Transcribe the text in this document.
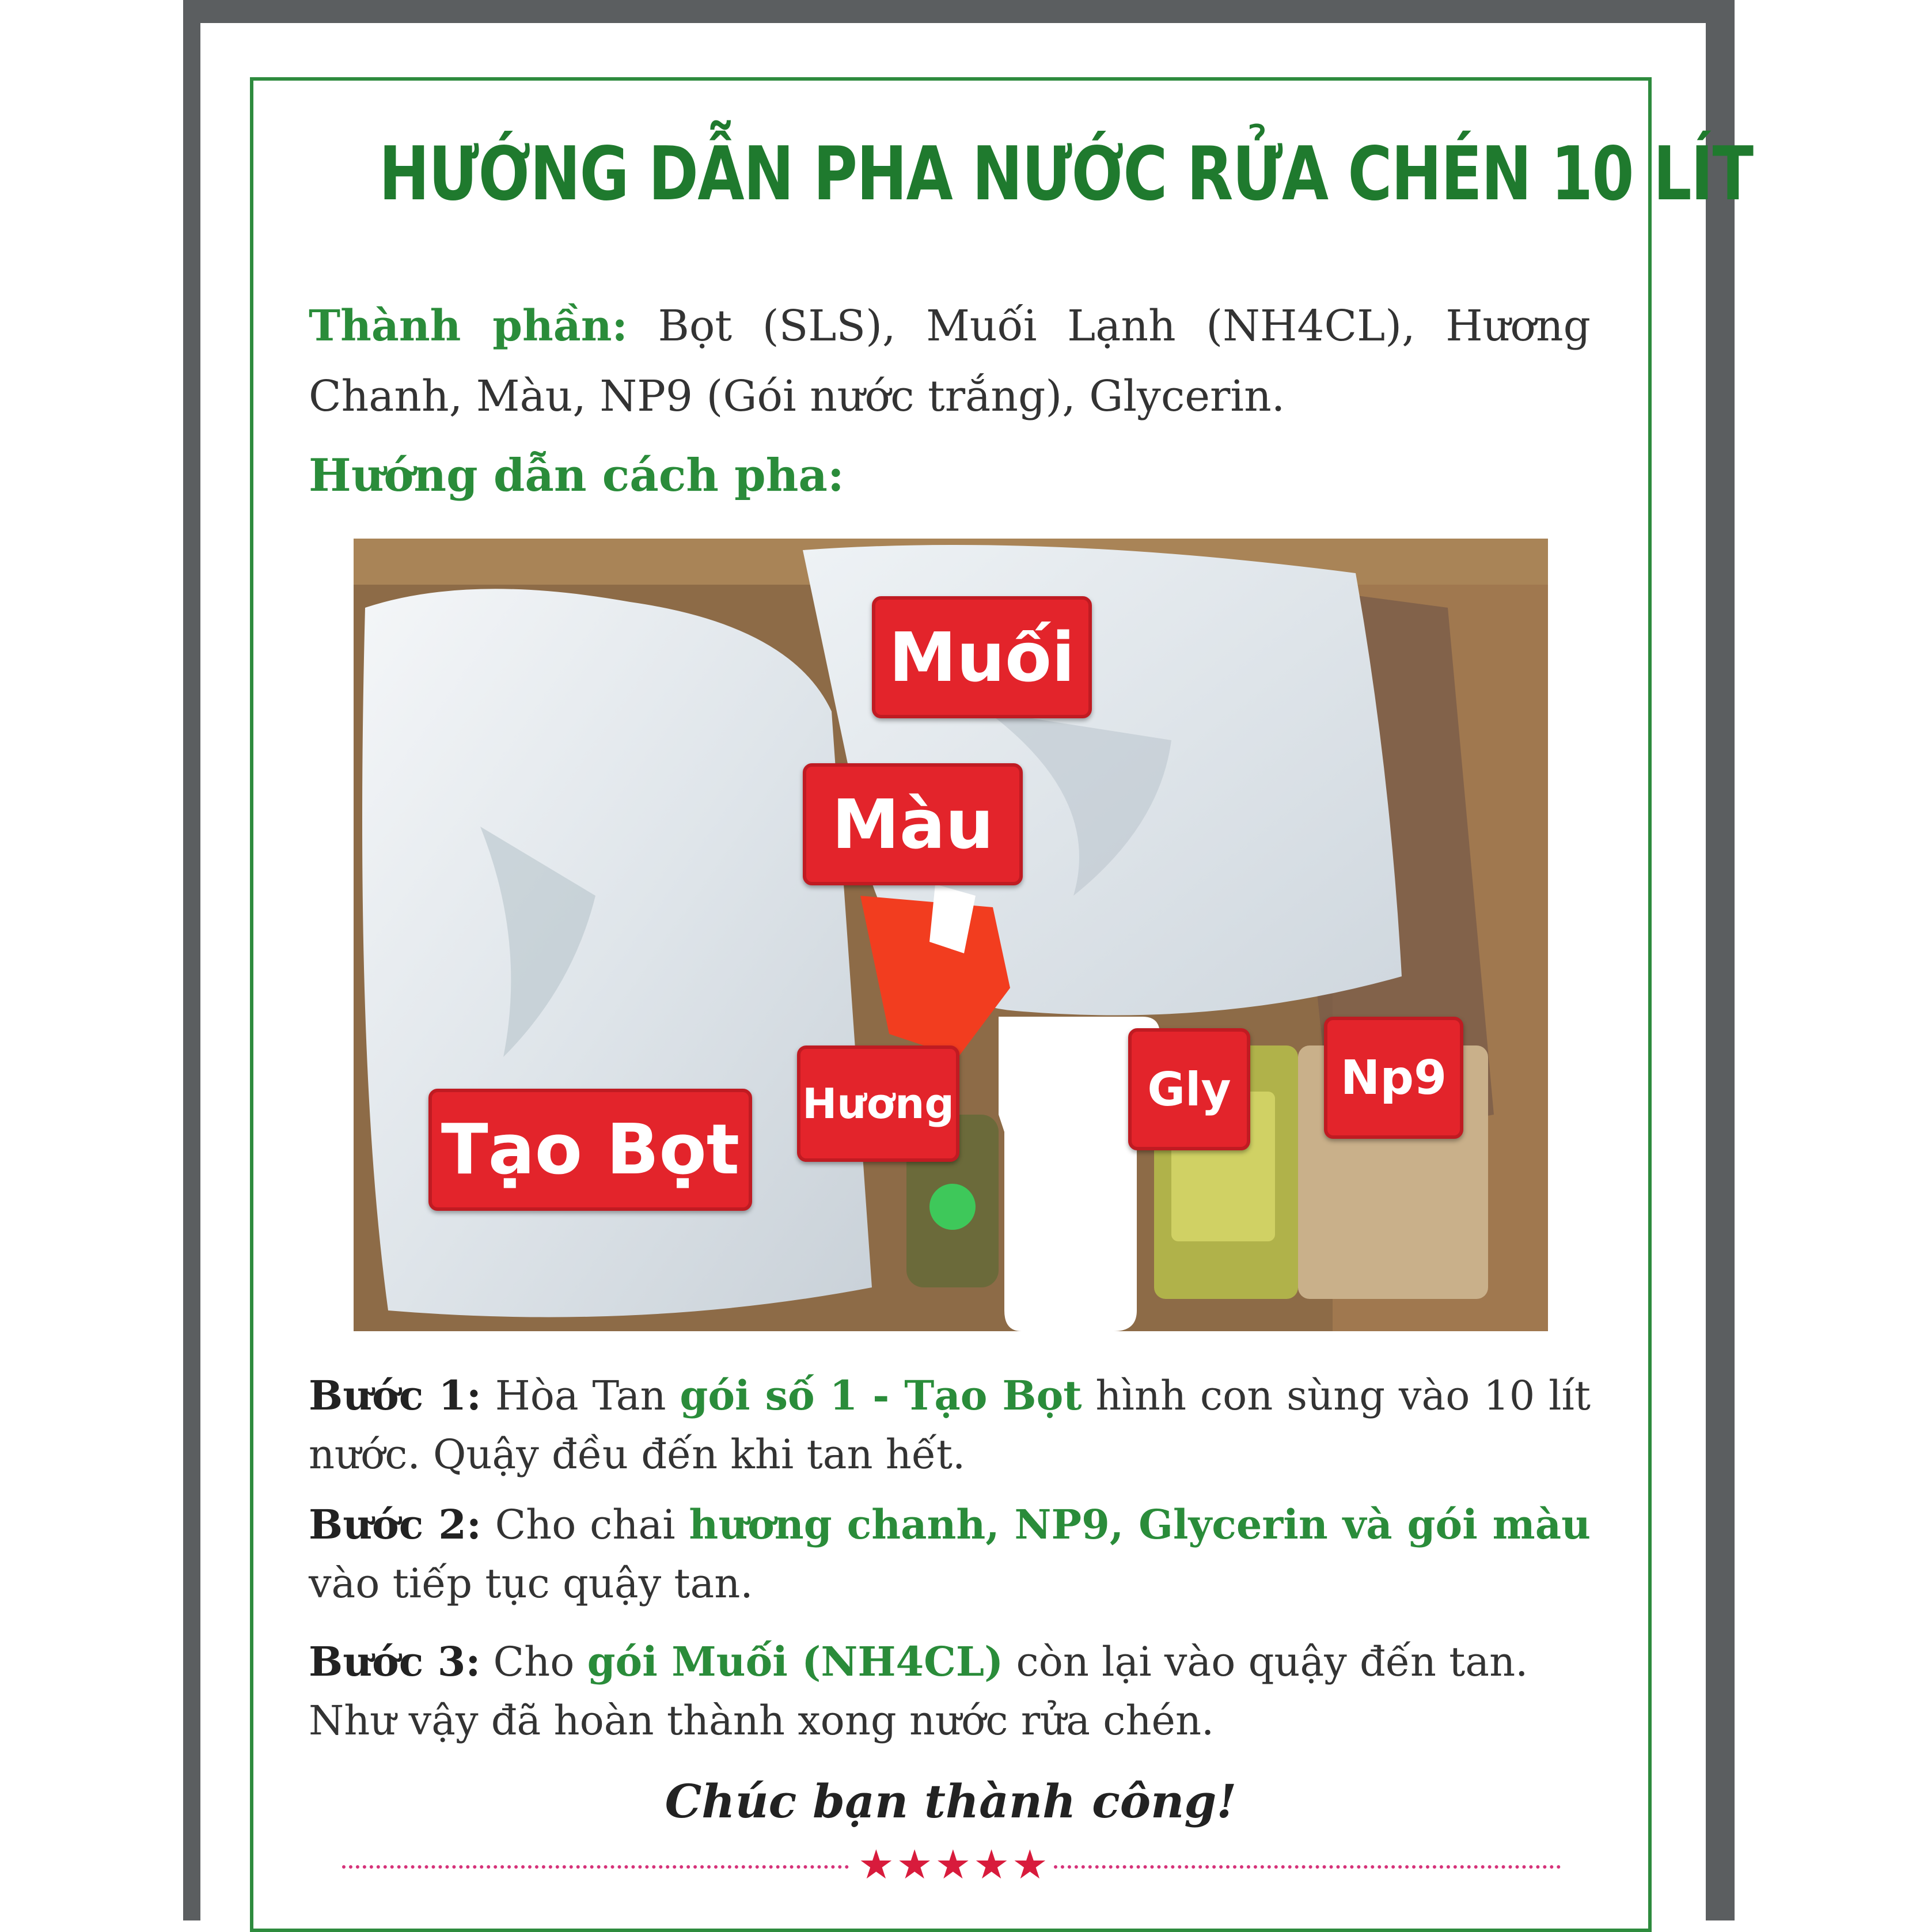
HƯỚNG DẪN PHA NƯỚC RỬA CHÉN 10 LÍT

Thành phần: Bọt (SLS), Muối Lạnh (NH4CL), Hương Chanh, Màu, NP9 (Gói nước trắng), Glycerin.

Hướng dẫn cách pha:
Muối
Màu
Hương	Gly	Np9
Tạo Bọt

Bước 1: Hòa Tan gói số 1 - Tạo Bọt hình con sùng vào 10 lít nước. Quậy đều đến khi tan hết.

Bước 2: Cho chai hương chanh, NP9, Glycerin và gói màu vào tiếp tục quậy tan.

Bước 3: Cho gói Muối (NH4CL) còn lại vào quậy đến tan.
Như vậy đã hoàn thành xong nước rửa chén.

Chúc bạn thành công!

★★★★★
